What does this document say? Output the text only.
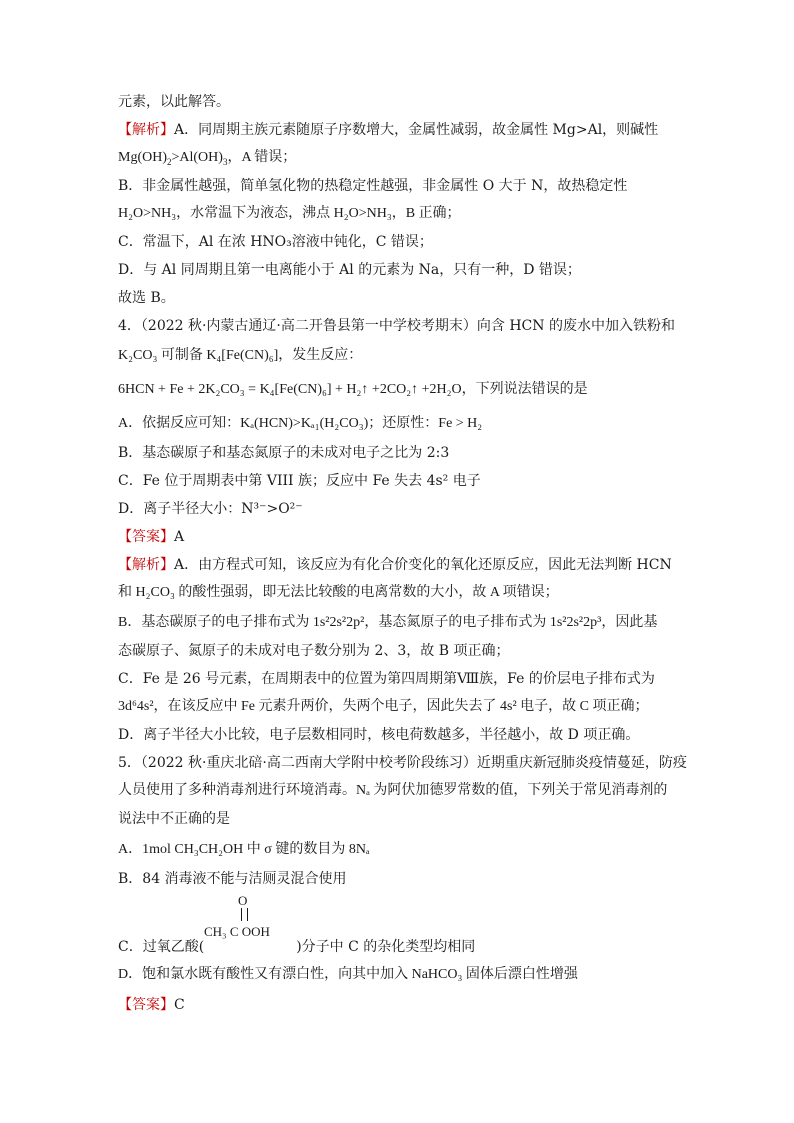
元素，以此解答。
【解析】A．同周期主族元素随原子序数增大，金属性减弱，故金属性 Mg>Al，则碱性
$Mg(OH)_2>Al(OH)_3$，A 错误；
B．非金属性越强，简单氢化物的热稳定性越强，非金属性 O 大于 N，故热稳定性
H₂O>NH₃，水常温下为液态，沸点 H₂O>NH₃，B 正确；
C．常温下，Al 在浓 HNO₃溶液中钝化，C 错误；
D．与 Al 同周期且第一电离能小于 Al 的元素为 Na，只有一种，D 错误；
故选 B。
4．（2022 秋·内蒙古通辽·高二开鲁县第一中学校考期末）向含 HCN 的废水中加入铁粉和
K₂CO₃ 可制备 K₄[Fe(CN)₆]，发生反应：
6HCN + Fe + 2K₂CO₃ = K₄[Fe(CN)₆] + H₂↑ +2CO₂↑ +2H₂O，下列说法错误的是
A．依据反应可知：Kₐ(HCN)>Kₐ₁(H₂CO₃)；还原性：Fe > H₂
B．基态碳原子和基态氮原子的未成对电子之比为 2:3
C．Fe 位于周期表中第 VIII 族；反应中 Fe 失去 4s² 电子
D．离子半径大小：N³⁻>O²⁻
【答案】A
【解析】A．由方程式可知，该反应为有化合价变化的氧化还原反应，因此无法判断 HCN
和 H₂CO₃ 的酸性强弱，即无法比较酸的电离常数的大小，故 A 项错误；
B．基态碳原子的电子排布式为 1s²2s²2p²，基态氮原子的电子排布式为 1s²2s²2p³，因此基
态碳原子、氮原子的未成对电子数分别为 2、3，故 B 项正确；
C．Fe 是 26 号元素，在周期表中的位置为第四周期第Ⅷ族，Fe 的价层电子排布式为
3d⁶4s²，在该反应中 Fe 元素升两价，失两个电子，因此失去了 4s² 电子，故 C 项正确；
D．离子半径大小比较，电子层数相同时，核电荷数越多，半径越小，故 D 项正确。
5．（2022 秋·重庆北碚·高二西南大学附中校考阶段练习）近期重庆新冠肺炎疫情蔓延，防疫
人员使用了多种消毒剂进行环境消毒。Nₐ 为阿伏加德罗常数的值，下列关于常见消毒剂的
说法中不正确的是
A．1mol CH₃CH₂OH 中 σ 键的数目为 8Nₐ
B．84 消毒液不能与洁厕灵混合使用
O
CH₃ C OOH
C．过氧乙酸(	)分子中 C 的杂化类型均相同
D．饱和氯水既有酸性又有漂白性，向其中加入 NaHCO₃ 固体后漂白性增强
【答案】C
